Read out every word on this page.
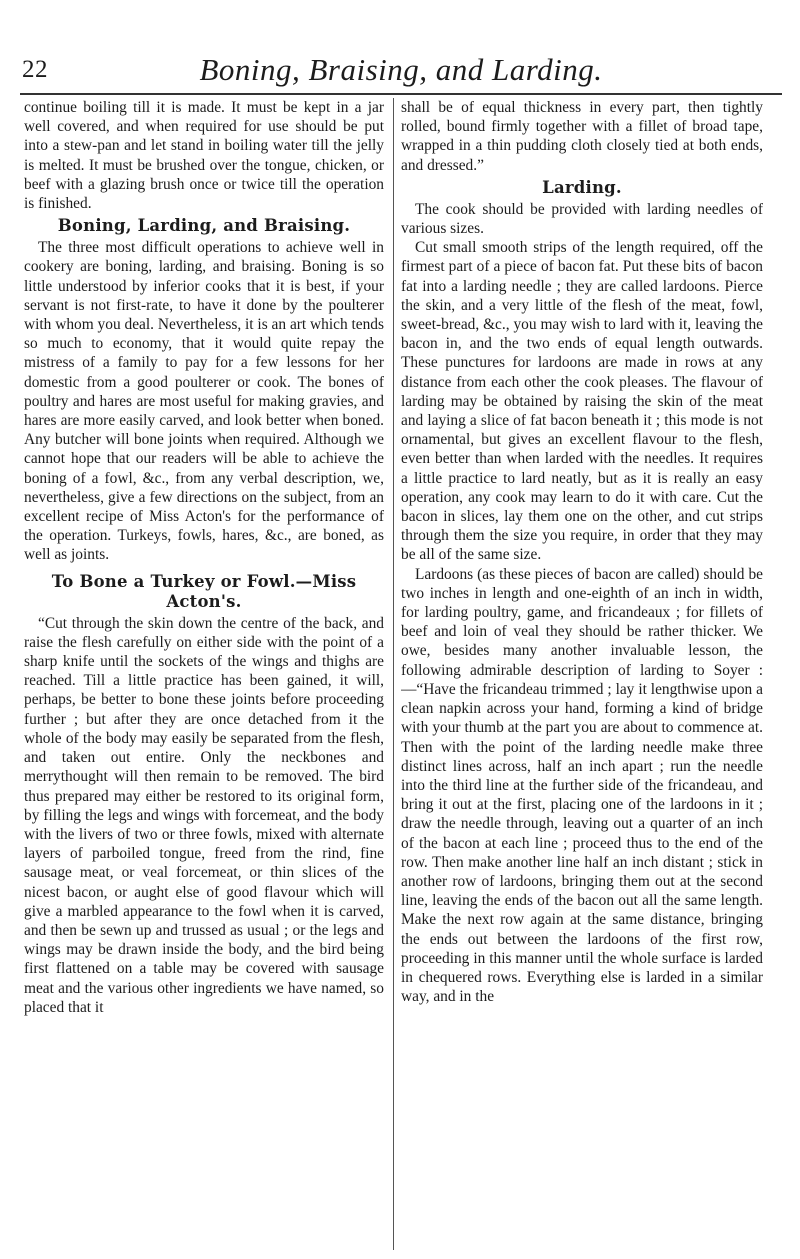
22	Boning, Braising, and Larding.

continue boiling till it is made. It must be kept in a jar well covered, and when required for use should be put into a stew-pan and let stand in boiling water till the jelly is melted. It must be brushed over the tongue, chicken, or beef with a glazing brush once or twice till the operation is finished.

Boning, Larding, and Braising.

The three most difficult operations to achieve well in cookery are boning, larding, and braising. Boning is so little understood by inferior cooks that it is best, if your servant is not first-rate, to have it done by the poulterer with whom you deal. Nevertheless, it is an art which tends so much to economy, that it would quite repay the mistress of a family to pay for a few lessons for her domestic from a good poulterer or cook. The bones of poultry and hares are most useful for making gravies, and hares are more easily carved, and look better when boned. Any butcher will bone joints when required. Although we cannot hope that our readers will be able to achieve the boning of a fowl, &c., from any verbal description, we, nevertheless, give a few directions on the subject, from an excellent recipe of Miss Acton's for the performance of the operation. Turkeys, fowls, hares, &c., are boned, as well as joints.

To Bone a Turkey or Fowl.—Miss Acton's.

“Cut through the skin down the centre of the back, and raise the flesh carefully on either side with the point of a sharp knife until the sockets of the wings and thighs are reached. Till a little practice has been gained, it will, perhaps, be better to bone these joints before proceeding further ; but after they are once detached from it the whole of the body may easily be separated from the flesh, and taken out entire. Only the neckbones and merrythought will then remain to be removed. The bird thus prepared may either be restored to its original form, by filling the legs and wings with forcemeat, and the body with the livers of two or three fowls, mixed with alternate layers of parboiled tongue, freed from the rind, fine sausage meat, or veal forcemeat, or thin slices of the nicest bacon, or aught else of good flavour which will give a marbled appearance to the fowl when it is carved, and then be sewn up and trussed as usual ; or the legs and wings may be drawn inside the body, and the bird being first flattened on a table may be covered with sausage meat and the various other ingredients we have named, so placed that it

shall be of equal thickness in every part, then tightly rolled, bound firmly together with a fillet of broad tape, wrapped in a thin pudding cloth closely tied at both ends, and dressed.”

Larding.

The cook should be provided with larding needles of various sizes.

Cut small smooth strips of the length required, off the firmest part of a piece of bacon fat. Put these bits of bacon fat into a larding needle ; they are called lardoons. Pierce the skin, and a very little of the flesh of the meat, fowl, sweet-bread, &c., you may wish to lard with it, leaving the bacon in, and the two ends of equal length outwards. These punctures for lardoons are made in rows at any distance from each other the cook pleases. The flavour of larding may be obtained by raising the skin of the meat and laying a slice of fat bacon beneath it ; this mode is not ornamental, but gives an excellent flavour to the flesh, even better than when larded with the needles. It requires a little practice to lard neatly, but as it is really an easy operation, any cook may learn to do it with care. Cut the bacon in slices, lay them one on the other, and cut strips through them the size you require, in order that they may be all of the same size.

Lardoons (as these pieces of bacon are called) should be two inches in length and one-eighth of an inch in width, for larding poultry, game, and fricandeaux ; for fillets of beef and loin of veal they should be rather thicker. We owe, besides many another invaluable lesson, the following admirable description of larding to Soyer :—“Have the fricandeau trimmed ; lay it lengthwise upon a clean napkin across your hand, forming a kind of bridge with your thumb at the part you are about to commence at. Then with the point of the larding needle make three distinct lines across, half an inch apart ; run the needle into the third line at the further side of the fricandeau, and bring it out at the first, placing one of the lardoons in it ; draw the needle through, leaving out a quarter of an inch of the bacon at each line ; proceed thus to the end of the row. Then make another line half an inch distant ; stick in another row of lardoons, bringing them out at the second line, leaving the ends of the bacon out all the same length. Make the next row again at the same distance, bringing the ends out between the lardoons of the first row, proceeding in this manner until the whole surface is larded in chequered rows. Everything else is larded in a similar way, and in the
